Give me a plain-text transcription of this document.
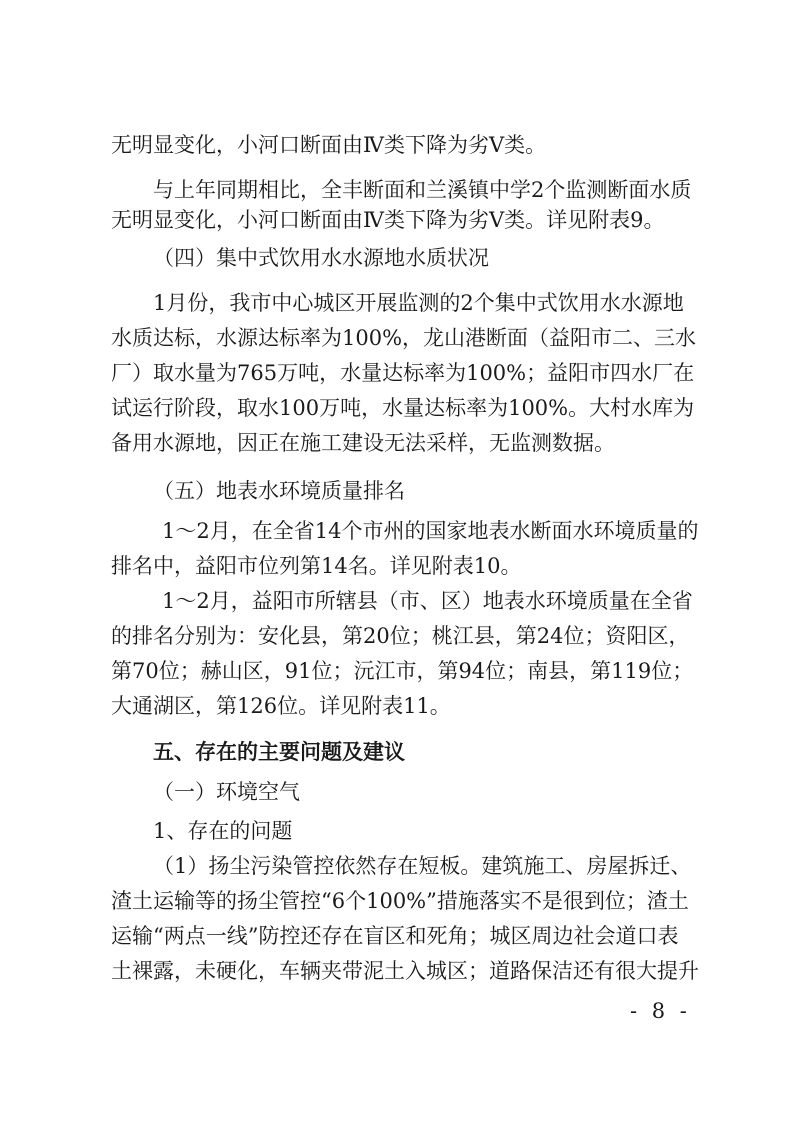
无明显变化，小河口断面由Ⅳ类下降为劣Ⅴ类。
与上年同期相比，全丰断面和兰溪镇中学2个监测断面水质
无明显变化，小河口断面由Ⅳ类下降为劣Ⅴ类。详见附表9。
（四）集中式饮用水水源地水质状况
1月份，我市中心城区开展监测的2个集中式饮用水水源地
水质达标，水源达标率为100%，龙山港断面（益阳市二、三水
厂）取水量为765万吨，水量达标率为100%；益阳市四水厂在
试运行阶段，取水100万吨，水量达标率为100%。大村水库为
备用水源地，因正在施工建设无法采样，无监测数据。
（五）地表水环境质量排名
1～2月，在全省14个市州的国家地表水断面水环境质量的
排名中，益阳市位列第14名。详见附表10。
1～2月，益阳市所辖县（市、区）地表水环境质量在全省
的排名分别为：安化县，第20位；桃江县，第24位；资阳区，
第70位；赫山区，91位；沅江市，第94位；南县，第119位；
大通湖区，第126位。详见附表11。
五、存在的主要问题及建议
（一）环境空气
1、存在的问题
（1）扬尘污染管控依然存在短板。建筑施工、房屋拆迁、
渣土运输等的扬尘管控“6个100%”措施落实不是很到位；渣土
运输“两点一线”防控还存在盲区和死角；城区周边社会道口表
土裸露，未硬化，车辆夹带泥土入城区；道路保洁还有很大提升
- 8 -
